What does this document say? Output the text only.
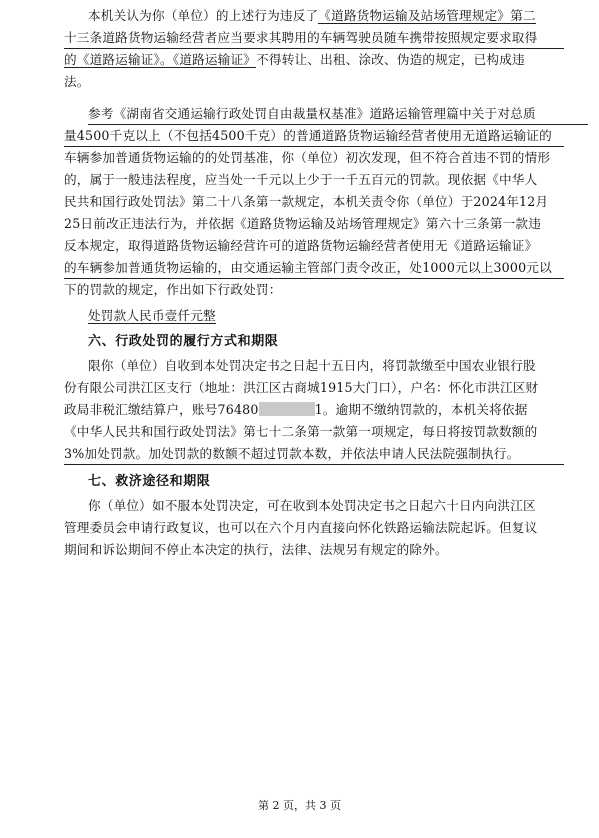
本机关认为你（单位）的上述行为违反了《道路货物运输及站场管理规定》第二
十三条道路货物运输经营者应当要求其聘用的车辆驾驶员随车携带按照规定要求取得
的《道路运输证》。《道路运输证》不得转让、出租、涂改、伪造的规定，已构成违
法。
参考《湖南省交通运输行政处罚自由裁量权基准》道路运输管理篇中关于对总质
量4500千克以上（不包括4500千克）的普通道路货物运输经营者使用无道路运输证的
车辆参加普通货物运输的的处罚基准，你（单位）初次发现，但不符合首违不罚的情形
的，属于一般违法程度，应当处一千元以上少于一千五百元的罚款。现依据《中华人
民共和国行政处罚法》第二十八条第一款规定，本机关责令你（单位）于2024年12月
25日前改正违法行为，并依据《道路货物运输及站场管理规定》第六十三条第一款违
反本规定，取得道路货物运输经营许可的道路货物运输经营者使用无《道路运输证》
的车辆参加普通货物运输的，由交通运输主管部门责令改正，处1000元以上3000元以
下的罚款的规定，作出如下行政处罚：
处罚款人民币壹仟元整
六、行政处罚的履行方式和期限
限你（单位）自收到本处罚决定书之日起十五日内，将罚款缴至中国农业银行股
份有限公司洪江区支行（地址：洪江区古商城1915大门口），户名：怀化市洪江区财
政局非税汇缴结算户，账号76480	1。逾期不缴纳罚款的，本机关将依据
《中华人民共和国行政处罚法》第七十二条第一款第一项规定，每日将按罚款数额的
3%加处罚款。加处罚款的数额不超过罚款本数，并依法申请人民法院强制执行。
七、救济途径和期限
你（单位）如不服本处罚决定，可在收到本处罚决定书之日起六十日内向洪江区
管理委员会申请行政复议，也可以在六个月内直接向怀化铁路运输法院起诉。但复议
期间和诉讼期间不停止本决定的执行，法律、法规另有规定的除外。
第 2 页，共 3 页
